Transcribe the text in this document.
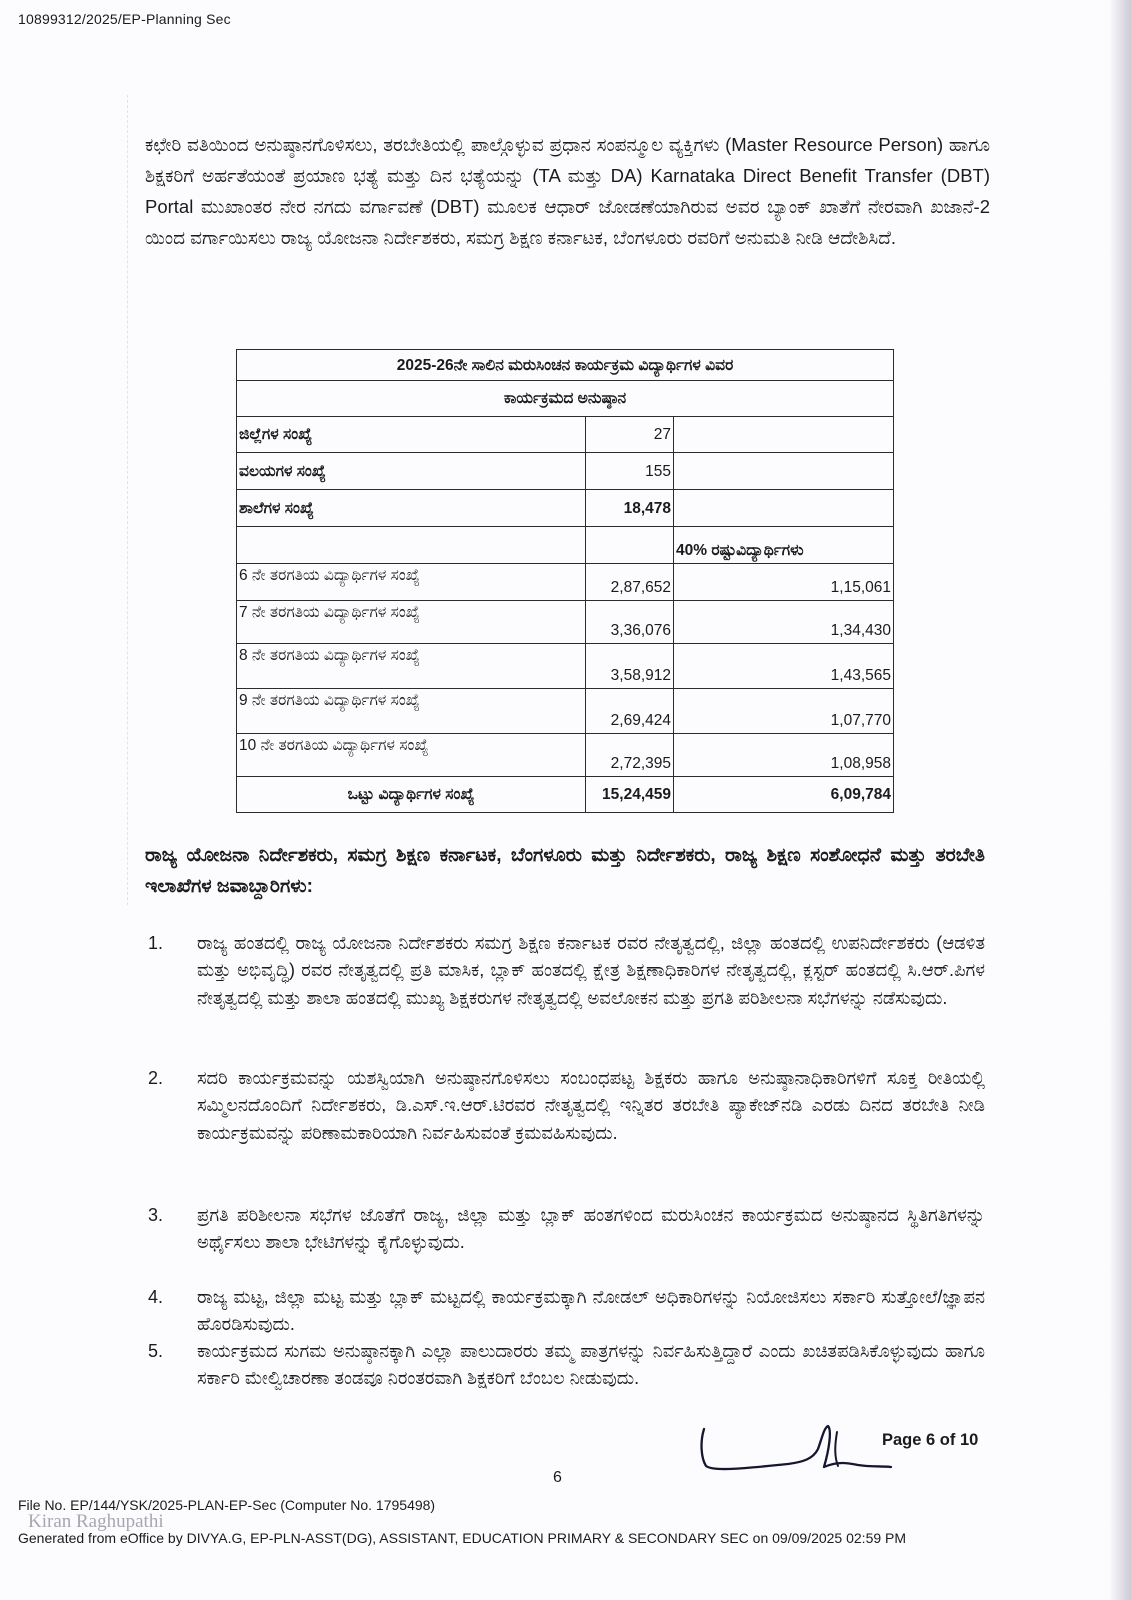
10899312/2025/EP-Planning Sec
ಕಛೇರಿ ವತಿಯಿಂದ ಅನುಷ್ಠಾನಗೊಳಿಸಲು, ತರಬೇತಿಯಲ್ಲಿ ಪಾಲ್ಗೊಳ್ಳುವ ಪ್ರಧಾನ ಸಂಪನ್ಮೂಲ ವ್ಯಕ್ತಿಗಳು (Master Resource Person) ಹಾಗೂ ಶಿಕ್ಷಕರಿಗೆ ಅರ್ಹತೆಯಂತೆ ಪ್ರಯಾಣ ಭತ್ಯೆ ಮತ್ತು ದಿನ ಭತ್ಯೆಯನ್ನು (TA ಮತ್ತು DA) Karnataka Direct Benefit Transfer (DBT) Portal ಮುಖಾಂತರ ನೇರ ನಗದು ವರ್ಗಾವಣೆ (DBT) ಮೂಲಕ ಆಧಾರ್ ಜೋಡಣೆಯಾಗಿರುವ ಅವರ ಬ್ಯಾಂಕ್ ಖಾತೆಗೆ ನೇರವಾಗಿ ಖಜಾನೆ-2 ಯಿಂದ ವರ್ಗಾಯಿಸಲು ರಾಜ್ಯ ಯೋಜನಾ ನಿರ್ದೇಶಕರು, ಸಮಗ್ರ ಶಿಕ್ಷಣ ಕರ್ನಾಟಕ, ಬೆಂಗಳೂರು ರವರಿಗೆ ಅನುಮತಿ ನೀಡಿ ಆದೇಶಿಸಿದೆ.
2025-26ನೇ ಸಾಲಿನ ಮರುಸಿಂಚನ ಕಾರ್ಯಕ್ರಮ ವಿದ್ಯಾರ್ಥಿಗಳ ವಿವರ		
ಕಾರ್ಯಕ್ರಮದ ಅನುಷ್ಠಾನ		
ಜಿಲ್ಲೆಗಳ ಸಂಖ್ಯೆ	27	
ವಲಯಗಳ ಸಂಖ್ಯೆ	155	
ಶಾಲೆಗಳ ಸಂಖ್ಯೆ	18,478	
		40% ರಷ್ಟುವಿದ್ಯಾರ್ಥಿಗಳು
6 ನೇ ತರಗತಿಯ ವಿದ್ಯಾರ್ಥಿಗಳ ಸಂಖ್ಯೆ	2,87,652	1,15,061
7 ನೇ ತರಗತಿಯ ವಿದ್ಯಾರ್ಥಿಗಳ ಸಂಖ್ಯೆ	3,36,076	1,34,430
8 ನೇ ತರಗತಿಯ ವಿದ್ಯಾರ್ಥಿಗಳ ಸಂಖ್ಯೆ	3,58,912	1,43,565
9 ನೇ ತರಗತಿಯ ವಿದ್ಯಾರ್ಥಿಗಳ ಸಂಖ್ಯೆ	2,69,424	1,07,770
10 ನೇ ತರಗತಿಯ ವಿದ್ಯಾರ್ಥಿಗಳ ಸಂಖ್ಯೆ	2,72,395	1,08,958
ಒಟ್ಟು ವಿದ್ಯಾರ್ಥಿಗಳ ಸಂಖ್ಯೆ	15,24,459	6,09,784
ರಾಜ್ಯ ಯೋಜನಾ ನಿರ್ದೇಶಕರು, ಸಮಗ್ರ ಶಿಕ್ಷಣ ಕರ್ನಾಟಕ, ಬೆಂಗಳೂರು ಮತ್ತು ನಿರ್ದೇಶಕರು, ರಾಜ್ಯ ಶಿಕ್ಷಣ ಸಂಶೋಧನೆ ಮತ್ತು ತರಬೇತಿ ಇಲಾಖೆಗಳ ಜವಾಬ್ದಾರಿಗಳು:
1.	ರಾಜ್ಯ ಹಂತದಲ್ಲಿ ರಾಜ್ಯ ಯೋಜನಾ ನಿರ್ದೇಶಕರು ಸಮಗ್ರ ಶಿಕ್ಷಣ ಕರ್ನಾಟಕ ರವರ ನೇತೃತ್ವದಲ್ಲಿ, ಜಿಲ್ಲಾ ಹಂತದಲ್ಲಿ ಉಪನಿರ್ದೇಶಕರು (ಆಡಳಿತ ಮತ್ತು ಅಭಿವೃದ್ಧಿ) ರವರ ನೇತೃತ್ವದಲ್ಲಿ ಪ್ರತಿ ಮಾಸಿಕ, ಬ್ಲಾಕ್ ಹಂತದಲ್ಲಿ ಕ್ಷೇತ್ರ ಶಿಕ್ಷಣಾಧಿಕಾರಿಗಳ ನೇತೃತ್ವದಲ್ಲಿ, ಕ್ಲಸ್ಟರ್ ಹಂತದಲ್ಲಿ ಸಿ.ಆರ್.ಪಿಗಳ ನೇತೃತ್ವದಲ್ಲಿ ಮತ್ತು ಶಾಲಾ ಹಂತದಲ್ಲಿ ಮುಖ್ಯ ಶಿಕ್ಷಕರುಗಳ ನೇತೃತ್ವದಲ್ಲಿ ಅವಲೋಕನ ಮತ್ತು ಪ್ರಗತಿ ಪರಿಶೀಲನಾ ಸಭೆಗಳನ್ನು ನಡೆಸುವುದು.
2.	ಸದರಿ ಕಾರ್ಯಕ್ರಮವನ್ನು ಯಶಸ್ವಿಯಾಗಿ ಅನುಷ್ಠಾನಗೊಳಿಸಲು ಸಂಬಂಧಪಟ್ಟ ಶಿಕ್ಷಕರು ಹಾಗೂ ಅನುಷ್ಠಾನಾಧಿಕಾರಿಗಳಿಗೆ ಸೂಕ್ತ ರೀತಿಯಲ್ಲಿ ಸಮ್ಮಿಲನದೊಂದಿಗೆ ನಿರ್ದೇಶಕರು, ಡಿ.ಎಸ್.ಇ.ಆರ್.ಟಿರವರ ನೇತೃತ್ವದಲ್ಲಿ ಇನ್ನಿತರ ತರಬೇತಿ ಪ್ಯಾಕೇಜ್‌ನಡಿ ಎರಡು ದಿನದ ತರಬೇತಿ ನೀಡಿ ಕಾರ್ಯಕ್ರಮವನ್ನು ಪರಿಣಾಮಕಾರಿಯಾಗಿ ನಿರ್ವಹಿಸುವಂತೆ ಕ್ರಮವಹಿಸುವುದು.
3.	ಪ್ರಗತಿ ಪರಿಶೀಲನಾ ಸಭೆಗಳ ಜೊತೆಗೆ ರಾಜ್ಯ, ಜಿಲ್ಲಾ ಮತ್ತು ಬ್ಲಾಕ್ ಹಂತಗಳಿಂದ ಮರುಸಿಂಚನ ಕಾರ್ಯಕ್ರಮದ ಅನುಷ್ಠಾನದ ಸ್ಥಿತಿಗತಿಗಳನ್ನು ಅರ್ಥೈಸಲು ಶಾಲಾ ಭೇಟಿಗಳನ್ನು ಕೈಗೊಳ್ಳುವುದು.
4.	ರಾಜ್ಯ ಮಟ್ಟ, ಜಿಲ್ಲಾ ಮಟ್ಟ ಮತ್ತು ಬ್ಲಾಕ್ ಮಟ್ಟದಲ್ಲಿ ಕಾರ್ಯಕ್ರಮಕ್ಕಾಗಿ ನೋಡಲ್ ಅಧಿಕಾರಿಗಳನ್ನು ನಿಯೋಜಿಸಲು ಸರ್ಕಾರಿ ಸುತ್ತೋಲೆ/ಜ್ಞಾಪನ ಹೊರಡಿಸುವುದು.
5.	ಕಾರ್ಯಕ್ರಮದ ಸುಗಮ ಅನುಷ್ಠಾನಕ್ಕಾಗಿ ಎಲ್ಲಾ ಪಾಲುದಾರರು ತಮ್ಮ ಪಾತ್ರಗಳನ್ನು ನಿರ್ವಹಿಸುತ್ತಿದ್ದಾರೆ ಎಂದು ಖಚಿತಪಡಿಸಿಕೊಳ್ಳುವುದು ಹಾಗೂ ಸರ್ಕಾರಿ ಮೇಲ್ವಿಚಾರಣಾ ತಂಡವೂ ನಿರಂತರವಾಗಿ ಶಿಕ್ಷಕರಿಗೆ ಬೆಂಬಲ ನೀಡುವುದು.
Page 6 of 10
6
File No. EP/144/YSK/2025-PLAN-EP-Sec (Computer No. 1795498)
Kiran Raghupathi
Generated from eOffice by DIVYA.G, EP-PLN-ASST(DG), ASSISTANT, EDUCATION PRIMARY & SECONDARY SEC on 09/09/2025 02:59 PM
